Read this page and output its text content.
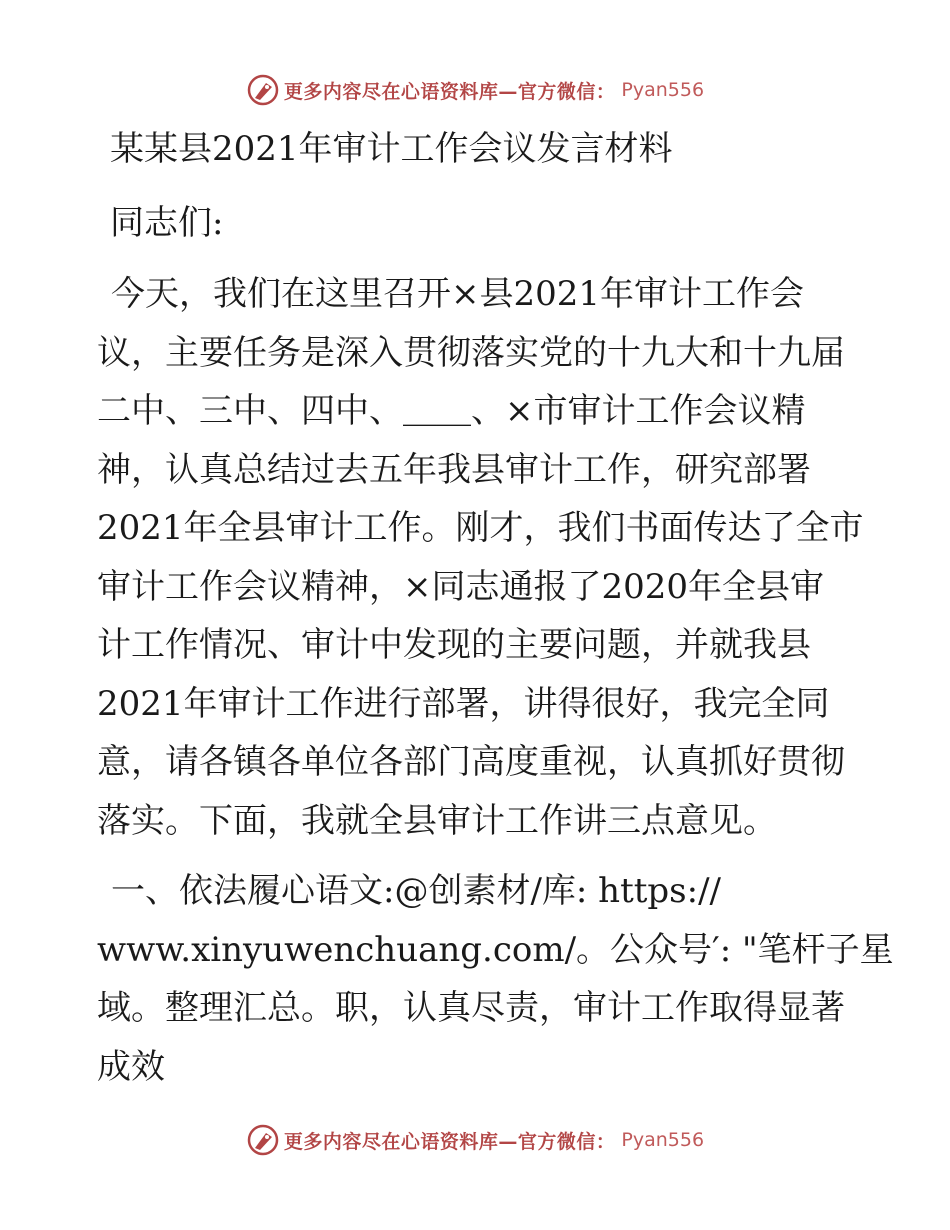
更多内容尽在心语资料库—官方微信： Pyan556
某某县2021年审计工作会议发言材料
同志们:
今天，我们在这里召开×县2021年审计工作会
议，主要任务是深入贯彻落实党的十九大和十九届
二中、三中、四中、＿＿、×市审计工作会议精
神，认真总结过去五年我县审计工作，研究部署
2021年全县审计工作。刚才，我们书面传达了全市
审计工作会议精神，×同志通报了2020年全县审
计工作情况、审计中发现的主要问题，并就我县
2021年审计工作进行部署，讲得很好，我完全同
意，请各镇各单位各部门高度重视，认真抓好贯彻
落实。下面，我就全县审计工作讲三点意见。
一、依法履心语文:@创素材/库: https://
www.xinyuwenchuang.com/。公众号′: "笔杆子星
域。整理汇总。职，认真尽责，审计工作取得显著
成效
更多内容尽在心语资料库—官方微信： Pyan556
